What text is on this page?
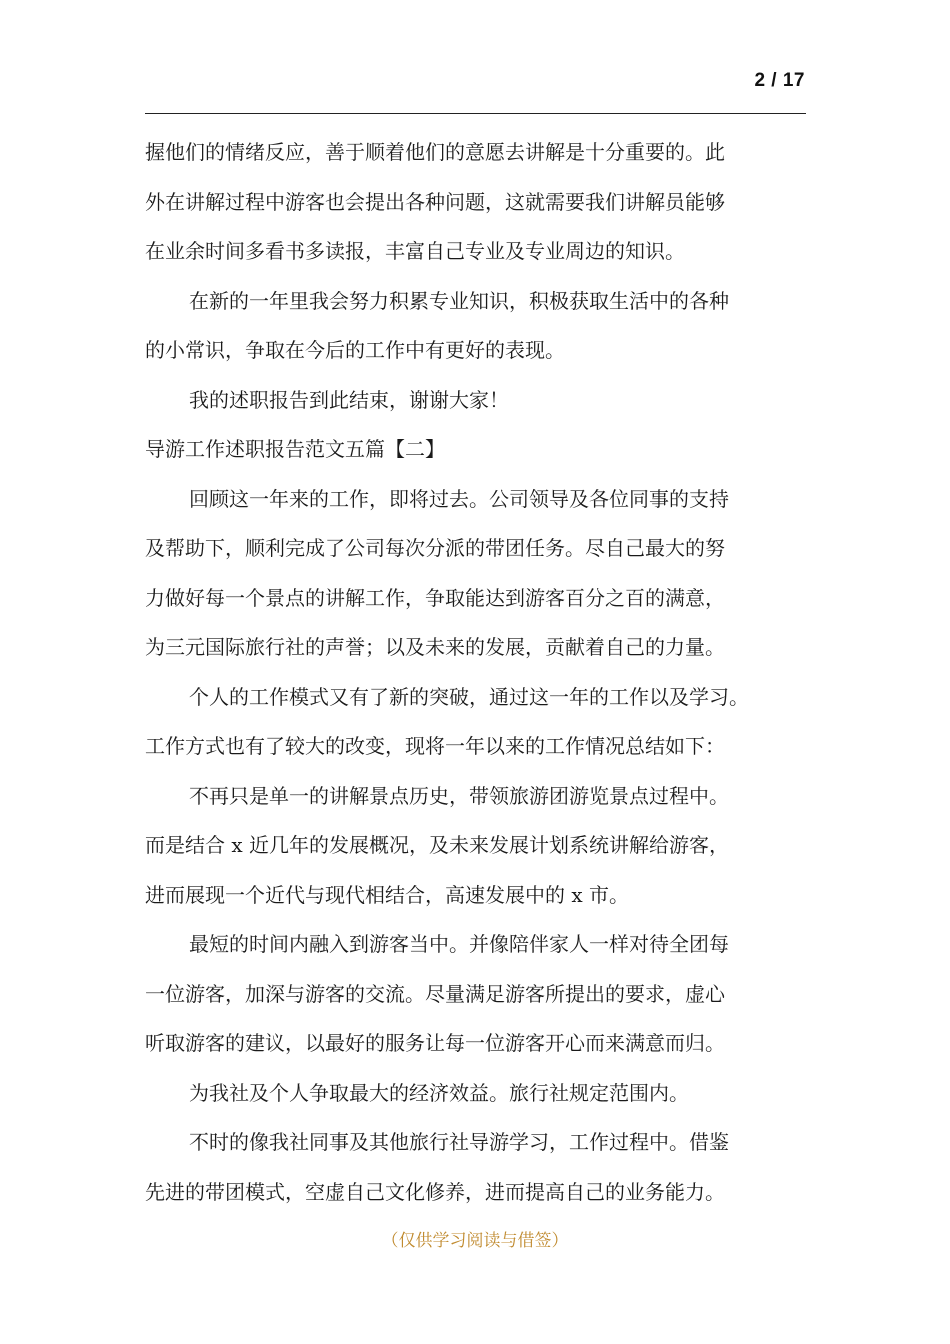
2 / 17
握他们的情绪反应，善于顺着他们的意愿去讲解是十分重要的。此
外在讲解过程中游客也会提出各种问题，这就需要我们讲解员能够
在业余时间多看书多读报，丰富自己专业及专业周边的知识。
在新的一年里我会努力积累专业知识，积极获取生活中的各种
的小常识，争取在今后的工作中有更好的表现。
我的述职报告到此结束，谢谢大家！
导游工作述职报告范文五篇【二】
回顾这一年来的工作，即将过去。公司领导及各位同事的支持
及帮助下，顺利完成了公司每次分派的带团任务。尽自己最大的努
力做好每一个景点的讲解工作，争取能达到游客百分之百的满意，
为三元国际旅行社的声誉；以及未来的发展，贡献着自己的力量。
个人的工作模式又有了新的突破，通过这一年的工作以及学习。
工作方式也有了较大的改变，现将一年以来的工作情况总结如下：
不再只是单一的讲解景点历史，带领旅游团游览景点过程中。
而是结合 x 近几年的发展概况，及未来发展计划系统讲解给游客，
进而展现一个近代与现代相结合，高速发展中的 x 市。
最短的时间内融入到游客当中。并像陪伴家人一样对待全团每
一位游客，加深与游客的交流。尽量满足游客所提出的要求，虚心
听取游客的建议，以最好的服务让每一位游客开心而来满意而归。
为我社及个人争取最大的经济效益。旅行社规定范围内。
不时的像我社同事及其他旅行社导游学习，工作过程中。借鉴
先进的带团模式，空虚自己文化修养，进而提高自己的业务能力。
（仅供学习阅读与借签）
